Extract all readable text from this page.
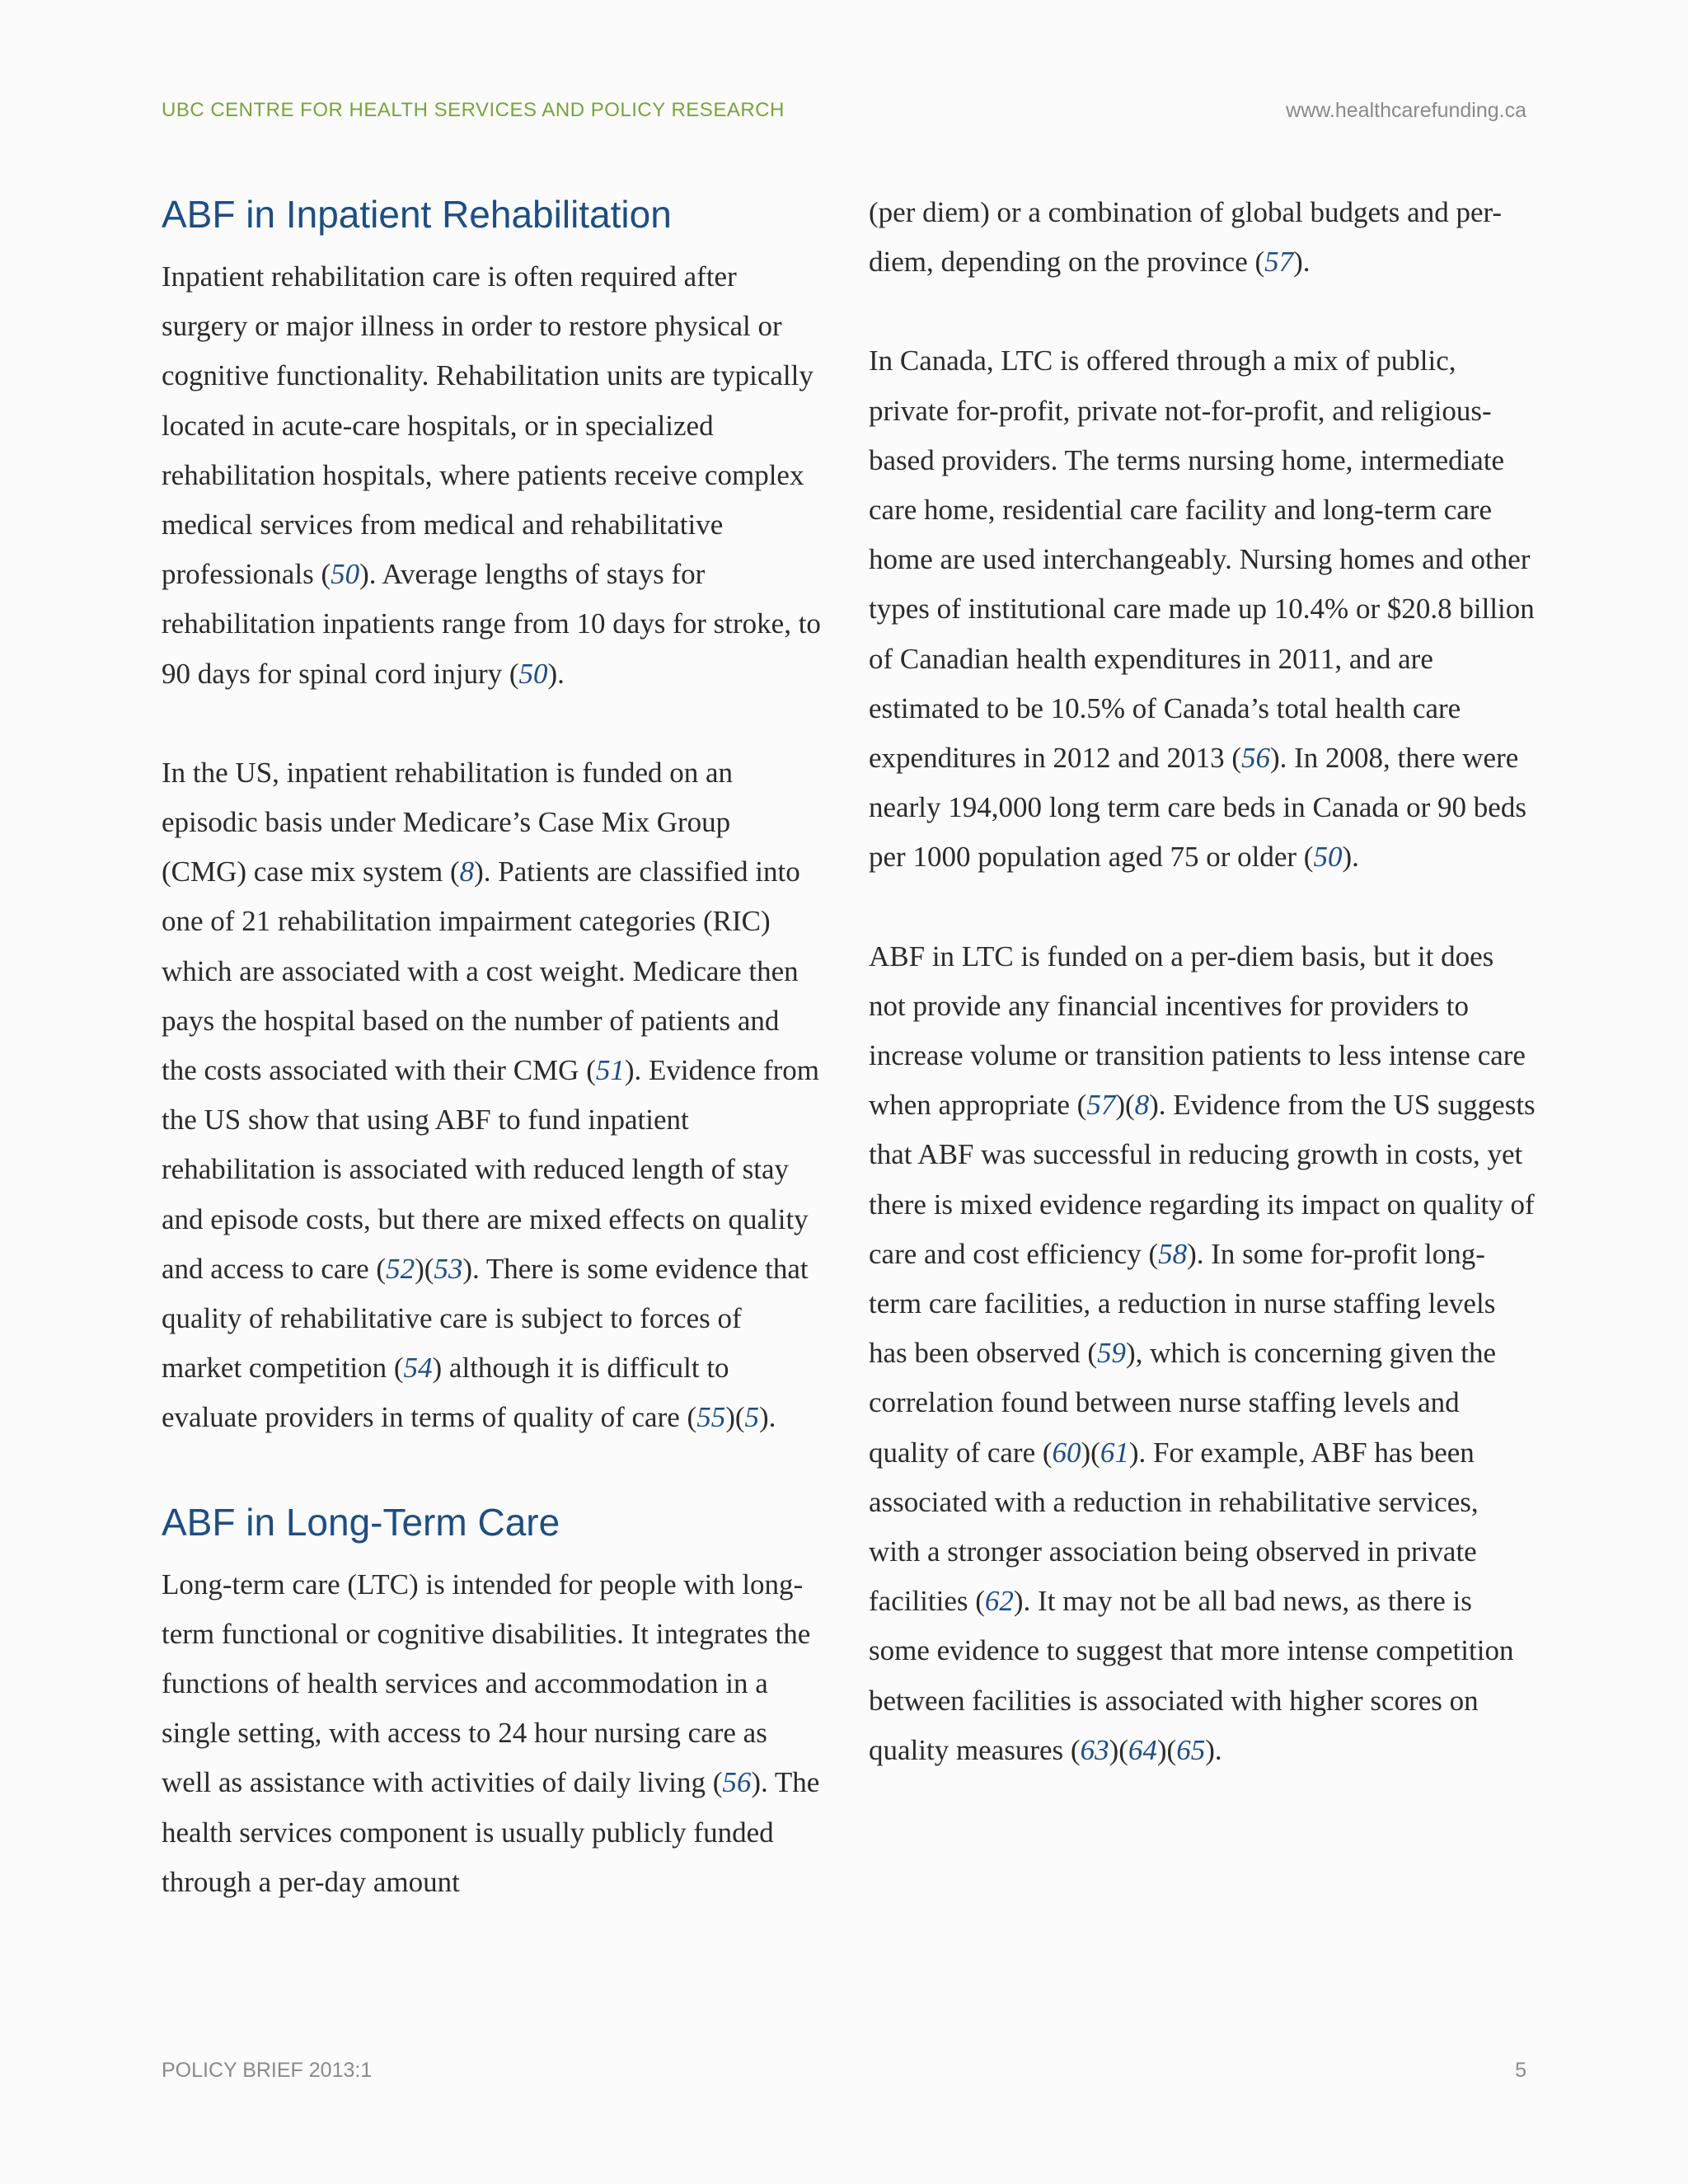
UBC CENTRE FOR HEALTH SERVICES AND POLICY RESEARCH	www.healthcarefunding.ca
ABF in Inpatient Rehabilitation

Inpatient rehabilitation care is often required after surgery or major illness in order to restore physical or cognitive functionality. Rehabilitation units are typically located in acute-care hospitals, or in specialized rehabilitation hospitals, where patients receive complex medical services from medical and rehabilitative professionals (50). Average lengths of stays for rehabilitation inpatients range from 10 days for stroke, to 90 days for spinal cord injury (50).

In the US, inpatient rehabilitation is funded on an episodic basis under Medicare’s Case Mix Group (CMG) case mix system (8). Patients are classified into one of 21 rehabilitation impairment categories (RIC) which are associated with a cost weight. Medicare then pays the hospital based on the number of patients and the costs associated with their CMG (51). Evidence from the US show that using ABF to fund inpatient rehabilitation is associated with reduced length of stay and episode costs, but there are mixed effects on quality and access to care (52)(53). There is some evidence that quality of rehabilitative care is subject to forces of market competition (54) although it is difficult to evaluate providers in terms of quality of care (55)(5).

ABF in Long-Term Care

Long-term care (LTC) is intended for people with long-term functional or cognitive disabilities. It integrates the functions of health services and accommodation in a single setting, with access to 24 hour nursing care as well as assistance with activities of daily living (56). The health services component is usually publicly funded through a per-day amount

(per diem) or a combination of global budgets and per-diem, depending on the province (57).

In Canada, LTC is offered through a mix of public, private for-profit, private not-for-profit, and religious-based providers. The terms nursing home, intermediate care home, residential care facility and long-term care home are used interchangeably. Nursing homes and other types of institutional care made up 10.4% or $20.8 billion of Canadian health expenditures in 2011, and are estimated to be 10.5% of Canada’s total health care expenditures in 2012 and 2013 (56). In 2008, there were nearly 194,000 long term care beds in Canada or 90 beds per 1000 population aged 75 or older (50).

ABF in LTC is funded on a per-diem basis, but it does not provide any financial incentives for providers to increase volume or transition patients to less intense care when appropriate (57)(8). Evidence from the US suggests that ABF was successful in reducing growth in costs, yet there is mixed evidence regarding its impact on quality of care and cost efficiency (58). In some for-profit long-term care facilities, a reduction in nurse staffing levels has been observed (59), which is concerning given the correlation found between nurse staffing levels and quality of care (60)(61). For example, ABF has been associated with a reduction in rehabilitative services, with a stronger association being observed in private facilities (62). It may not be all bad news, as there is some evidence to suggest that more intense competition between facilities is associated with higher scores on quality measures (63)(64)(65).

POLICY BRIEF 2013:1	5
